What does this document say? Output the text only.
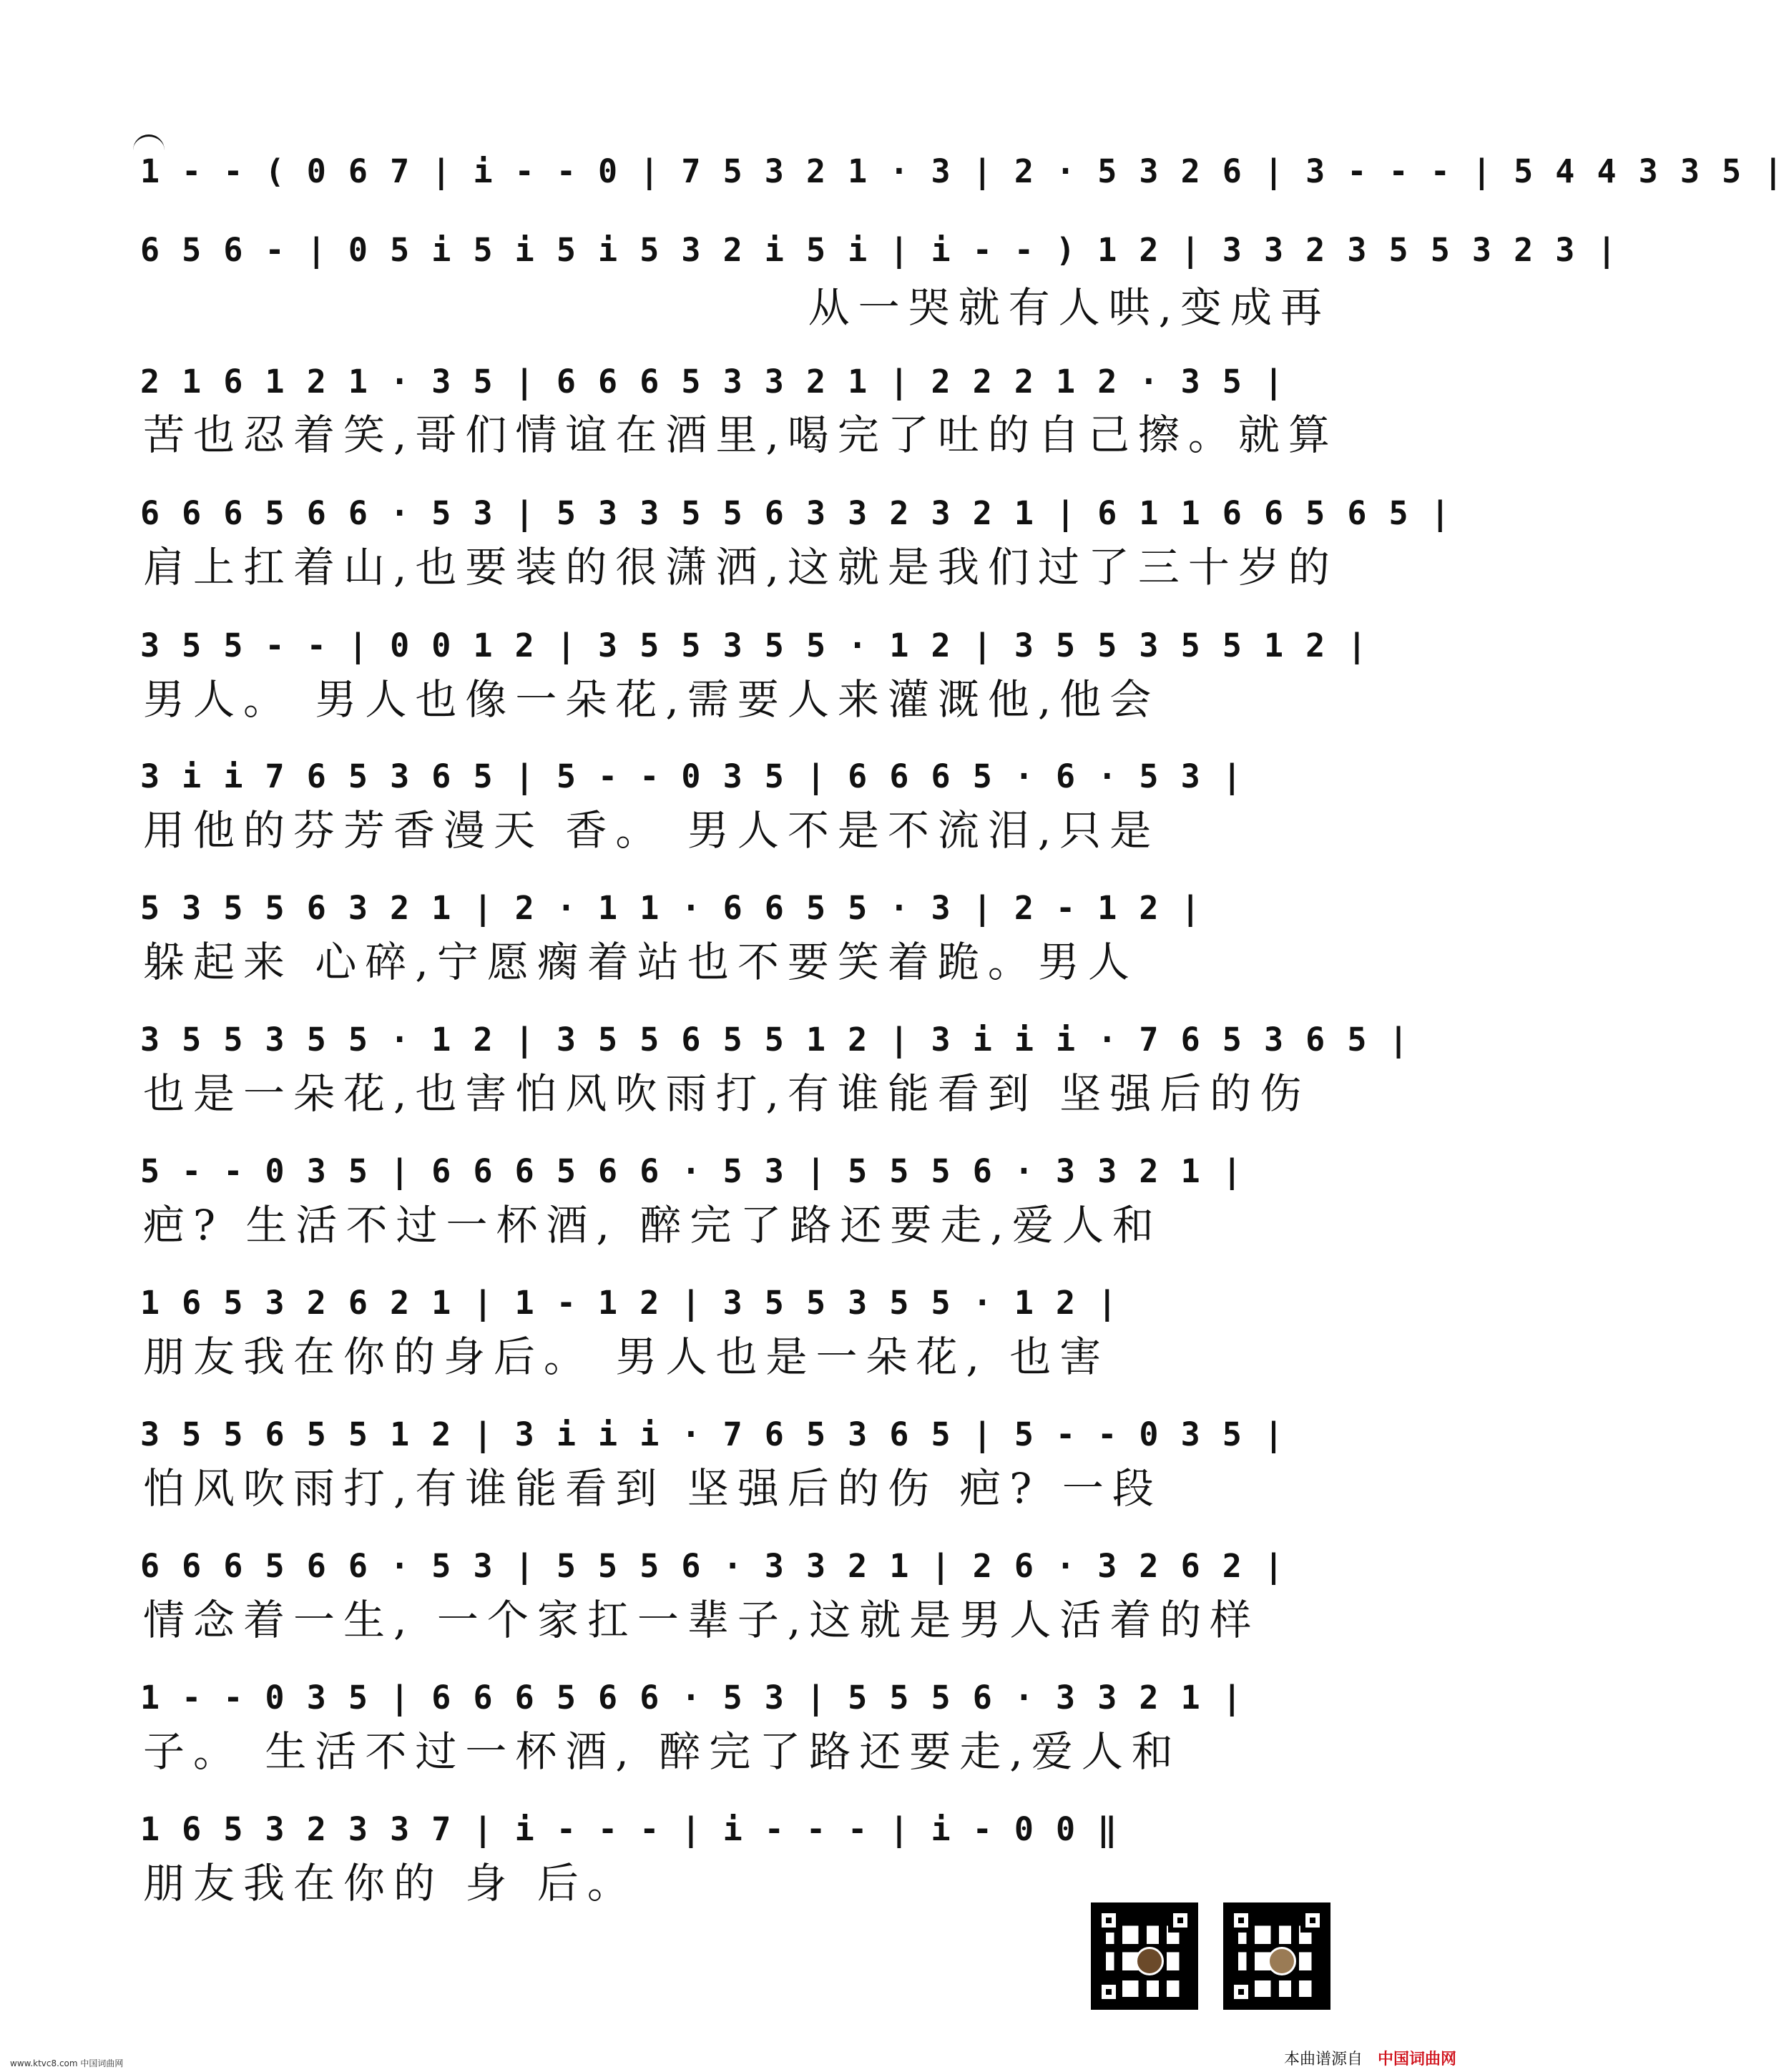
1 - - ( 0 6 7 | i - - 0 | 7 5 3 2 1 · 3 | 2 · 5 3 2 6 | 3 - - - | 5 4 4 3 3 5 |
6 5 6 - | 0 5 i 5 i 5 i 5 3 2 i 5 i | i - - ) 1 2 | 3 3 2 3 5 5 3 2 3 |
从一哭就有人哄,变成再
2 1 6 1 2 1 · 3 5 | 6 6 6 5 3 3 2 1 | 2 2 2 1 2 · 3 5 |
苦也忍着笑,哥们情谊在酒里,喝完了吐的自己擦。就算
6 6 6 5 6 6 · 5 3 | 5 3 3 5 5 6 3 3 2 3 2 1 | 6 1 1 6 6 5 6 5 |
肩上扛着山,也要装的很潇洒,这就是我们过了三十岁的
3 5 5 - - | 0 0 1 2 | 3 5 5 3 5 5 · 1 2 | 3 5 5 3 5 5 1 2 |
男人。 男人也像一朵花,需要人来灌溉他,他会
3 i i 7 6 5 3 6 5 | 5 - - 0 3 5 | 6 6 6 5 · 6 · 5 3 |
用他的芬芳香漫天 香。 男人不是不流泪,只是
5 3 5 5 6 3 2 1 | 2 · 1 1 · 6 6 5 5 · 3 | 2 - 1 2 |
躲起来 心碎,宁愿瘸着站也不要笑着跪。男人
3 5 5 3 5 5 · 1 2 | 3 5 5 6 5 5 1 2 | 3 i i i · 7 6 5 3 6 5 |
也是一朵花,也害怕风吹雨打,有谁能看到 坚强后的伤
5 - - 0 3 5 | 6 6 6 5 6 6 · 5 3 | 5 5 5 6 · 3 3 2 1 |
疤? 生活不过一杯酒, 醉完了路还要走,爱人和
1 6 5 3 2 6 2 1 | 1 - 1 2 | 3 5 5 3 5 5 · 1 2 |
朋友我在你的身后。 男人也是一朵花, 也害
3 5 5 6 5 5 1 2 | 3 i i i · 7 6 5 3 6 5 | 5 - - 0 3 5 |
怕风吹雨打,有谁能看到 坚强后的伤 疤? 一段
6 6 6 5 6 6 · 5 3 | 5 5 5 6 · 3 3 2 1 | 2 6 · 3 2 6 2 |
情念着一生, 一个家扛一辈子,这就是男人活着的样
1 - - 0 3 5 | 6 6 6 5 6 6 · 5 3 | 5 5 5 6 · 3 3 2 1 |
子。 生活不过一杯酒, 醉完了路还要走,爱人和
1 6 5 3 2 3 3 7 | i - - - | i - - - | i - 0 0 ‖
朋友我在你的 身 后。
www.ktvc8.com 中国词曲网	本曲谱源自 中国词曲网
